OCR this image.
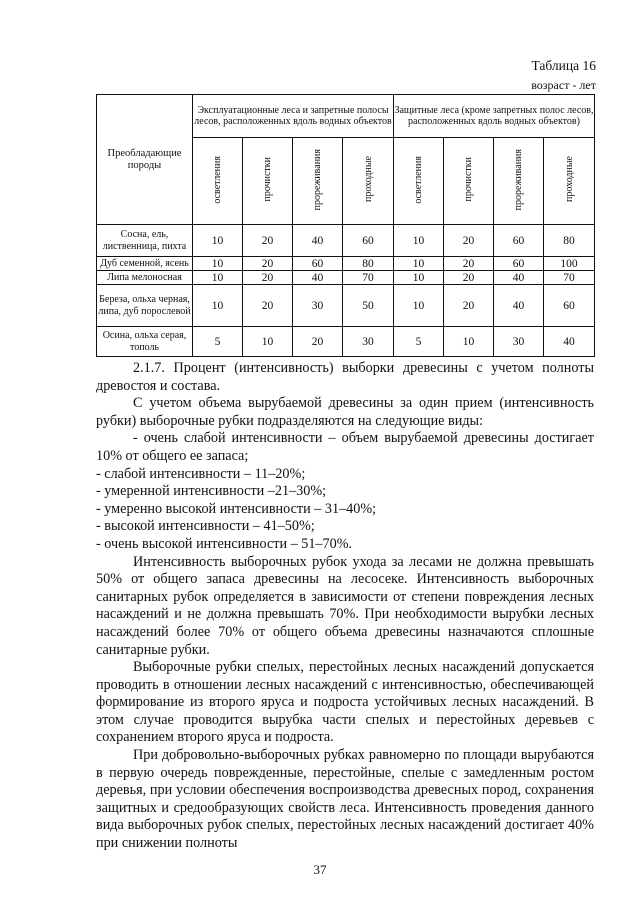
Таблица 16
возраст - лет
Преобладающие породы	Эксплуатационные леса и запретные полосы лесов, расположенных вдоль водных объектов				Защитные леса (кроме запретных полос лесов, расположенных вдоль водных объектов)			
	осветления	прочистки	прореживания	проходные	осветления	прочистки	прореживания	проходные
Сосна, ель, лиственница, пихта	10	20	40	60	10	20	60	80
Дуб семенной, ясень	10	20	60	80	10	20	60	100
Липа мелоносная	10	20	40	70	10	20	40	70
Береза, ольха черная, липа, дуб порослевой	10	20	30	50	10	20	40	60
Осина, ольха серая, тополь	5	10	20	30	5	10	30	40

2.1.7. Процент (интенсивность) выборки древесины с учетом полноты древостоя и состава.

С учетом объема вырубаемой древесины за один прием (интенсивность рубки) выборочные рубки подразделяются на следующие виды:

- очень слабой интенсивности – объем вырубаемой древесины достигает 10% от общего ее запаса;

- слабой интенсивности – 11–20%;

- умеренной интенсивности –21–30%;

- умеренно высокой интенсивности – 31–40%;

- высокой интенсивности – 41–50%;

- очень высокой интенсивности – 51–70%.

Интенсивность выборочных рубок ухода за лесами не должна превышать 50% от общего запаса древесины на лесосеке. Интенсивность выборочных санитарных рубок определяется в зависимости от степени повреждения лесных насаждений и не должна превышать 70%. При необходимости вырубки лесных насаждений более 70% от общего объема древесины назначаются сплошные санитарные рубки.

Выборочные рубки спелых, перестойных лесных насаждений допускается проводить в отношении лесных насаждений с интенсивностью, обеспечивающей формирование из второго яруса и подроста устойчивых лесных насаждений. В этом случае проводится вырубка части спелых и перестойных деревьев с сохранением второго яруса и подроста.

При добровольно-выборочных рубках равномерно по площади вырубаются в первую очередь поврежденные, перестойные, спелые с замедленным ростом деревья, при условии обеспечения воспроизводства древесных пород, сохранения защитных и средообразующих свойств леса. Интенсивность проведения данного вида выборочных рубок спелых, перестойных лесных насаждений достигает 40% при снижении полноты

37
